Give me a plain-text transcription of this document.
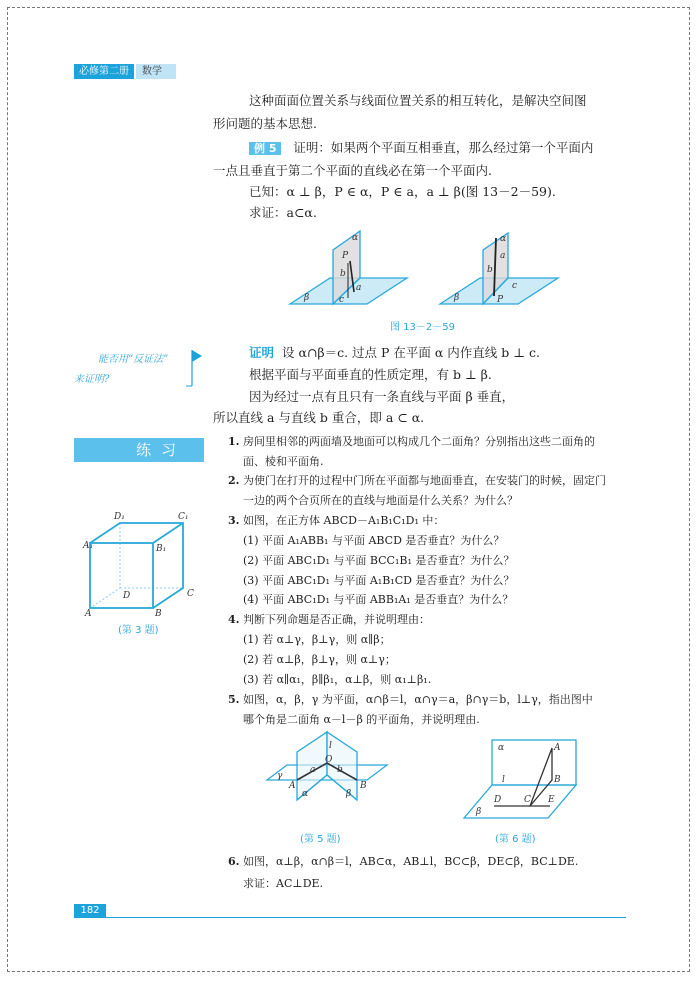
必修第二册	数学
这种面面位置关系与线面位置关系的相互转化，是解决空间图
形问题的基本思想.
例 5 证明：如果两个平面互相垂直，那么经过第一个平面内
一点且垂直于第二个平面的直线必在第一个平面内.
已知：α ⊥ β，P ∈ α，P ∈ a，a ⊥ β(图 13－2－59).
求证：a⊂α.
α
P
b
a
c
β
α
a
b
c
P
β
图 13－2－59
能否用“反证法”
来证明?
证明 设 α∩β＝c. 过点 P 在平面 α 内作直线 b ⊥ c.
根据平面与平面垂直的性质定理，有 b ⊥ β.
因为经过一点有且只有一条直线与平面 β 垂直，
所以直线 a 与直线 b 重合，即 a ⊂ α.
练习	1. 房间里相邻的两面墙及地面可以构成几个二面角？分别指出这些二面角的
面、棱和平面角.
2. 为使门在打开的过程中门所在平面都与地面垂直，在安装门的时候，固定门
一边的两个合页所在的直线与地面是什么关系？为什么？
3. 如图，在正方体 ABCD－A₁B₁C₁D₁ 中：
(1) 平面 A₁ABB₁ 与平面 ABCD 是否垂直？为什么？
(2) 平面 ABC₁D₁ 与平面 BCC₁B₁ 是否垂直？为什么？
(3) 平面 ABC₁D₁ 与平面 A₁B₁CD 是否垂直？为什么？
(4) 平面 ABC₁D₁ 与平面 ABB₁A₁ 是否垂直？为什么？
4. 判断下列命题是否正确，并说明理由：
(1) 若 α⊥γ，β⊥γ，则 α∥β；
(2) 若 α⊥β，β⊥γ，则 α⊥γ；
(3) 若 α∥α₁，β∥β₁，α⊥β，则 α₁⊥β₁.
5. 如图，α，β，γ 为平面，α∩β＝l，α∩γ＝a，β∩γ＝b，l⊥γ，指出图中
哪个角是二面角 α－l－β 的平面角，并说明理由.
D₁	C₁
A₁	B₁
D	C
A	B
(第 3 题)
l
O
a b
γ
A	B
α	β
(第 5 题)
α	A
l	B
D	C E
β
(第 6 题)
6. 如图，α⊥β，α∩β＝l，AB⊂α，AB⊥l，BC⊂β，DE⊂β，BC⊥DE.
求证：AC⊥DE.
182
